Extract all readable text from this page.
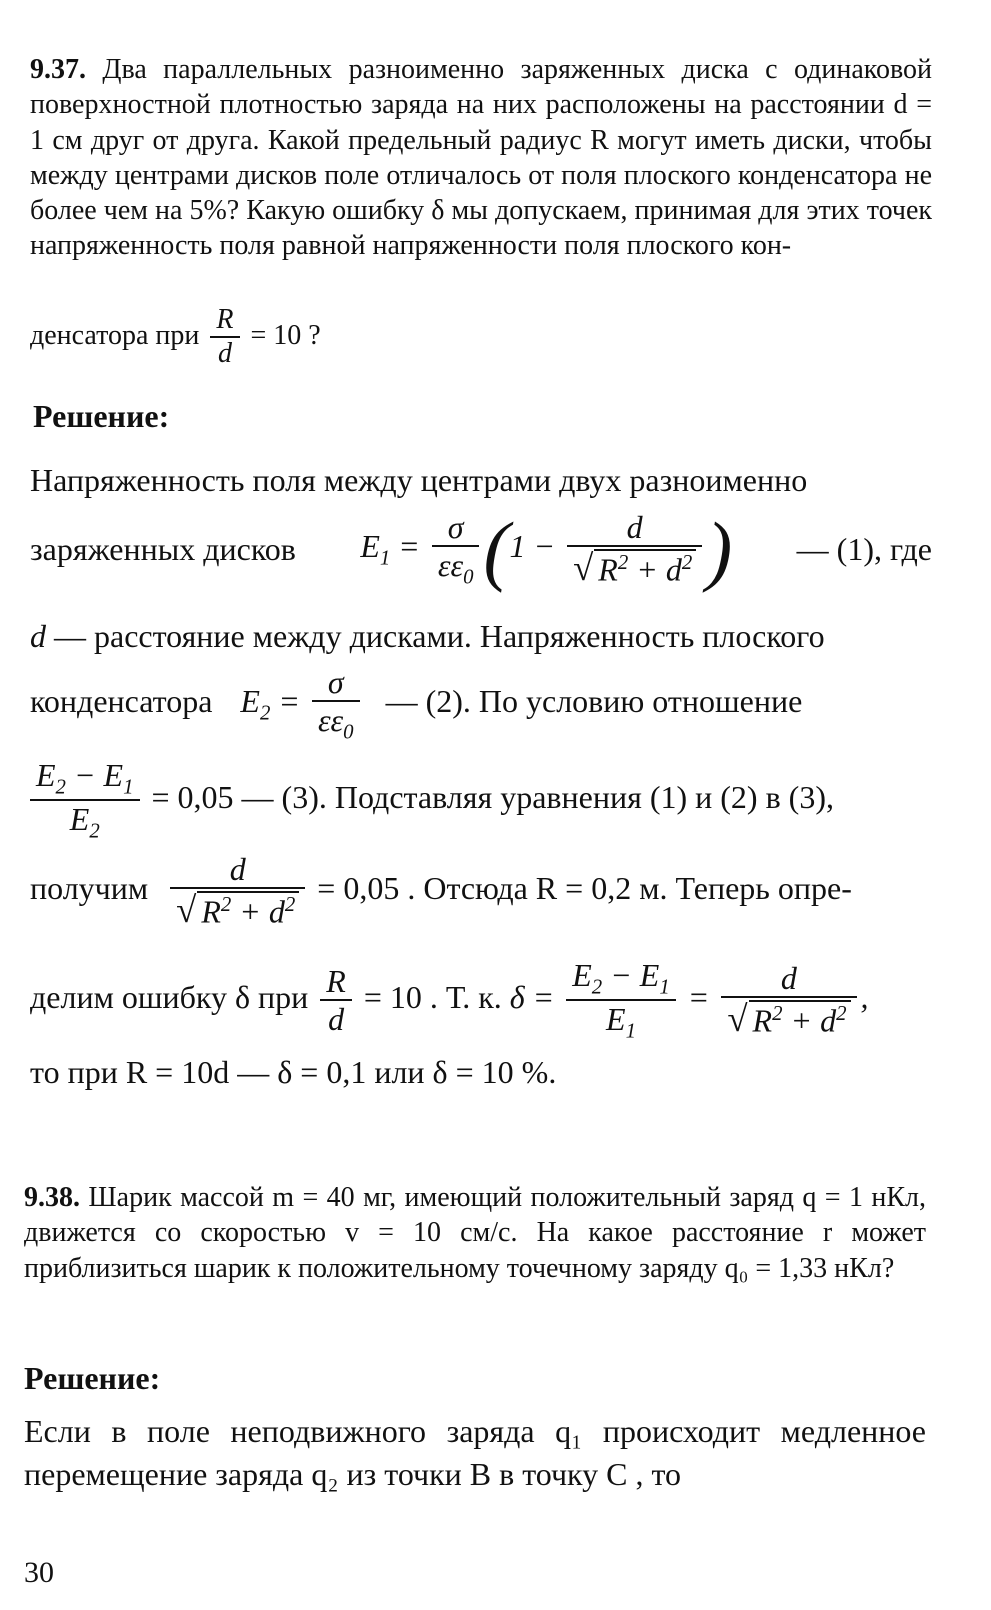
9.37. Два параллельных разноименно заряженных диска с одинаковой поверхностной плотностью заряда на них расположены на расстоянии d = 1 см друг от друга. Какой предельный радиус R могут иметь диски, чтобы между центрами дисков поле отличалось от поля плоского конденсатора не более чем на 5%? Какую ошибку δ мы допускаем, принимая для этих точек напряженность поля равной напряженности поля плоского кон-
денсатора при $\frac{R}{d} = 10$ ?
Решение:
Напряженность поля между центрами двух разноименно
заряженных дисков $E_1 = \frac{\sigma}{\varepsilon\varepsilon_0} (1 - \frac{d}{√ R^2 + d^2}$ ) — (1), где
d — расстояние между дисками. Напряженность плоского
конденсатора $E_2 = \frac{\sigma}{\varepsilon\varepsilon_0}$ — (2). По условию отношение
$\frac{E_2 - E_1}{E_2} = 0,05$ — (3). Подставляя уравнения (1) и (2) в (3),
получим $\frac{d}{√ R^2 + d^2} = 0,05$ . Отсюда R = 0,2 м. Теперь опре-
делим ошибку δ при $\frac{R}{d} = 10$ . Т. к. $\delta = \frac{E_2 - E_1}{E_1} = \frac{d}{√ R^2 + d^2}$ ,
то при R = 10d — δ = 0,1 или δ = 10 %.
9.38. Шарик массой m = 40 мг, имеющий положительный заряд q = 1 нКл, движется со скоростью v = 10 см/с. На какое расстояние r может приблизиться шарик к положительному точечному заряду q₀ = 1,33 нКл?
Решение:
Если в поле неподвижного заряда q₁ происходит медленное перемещение заряда q₂ из точки B в точку C , то
30
